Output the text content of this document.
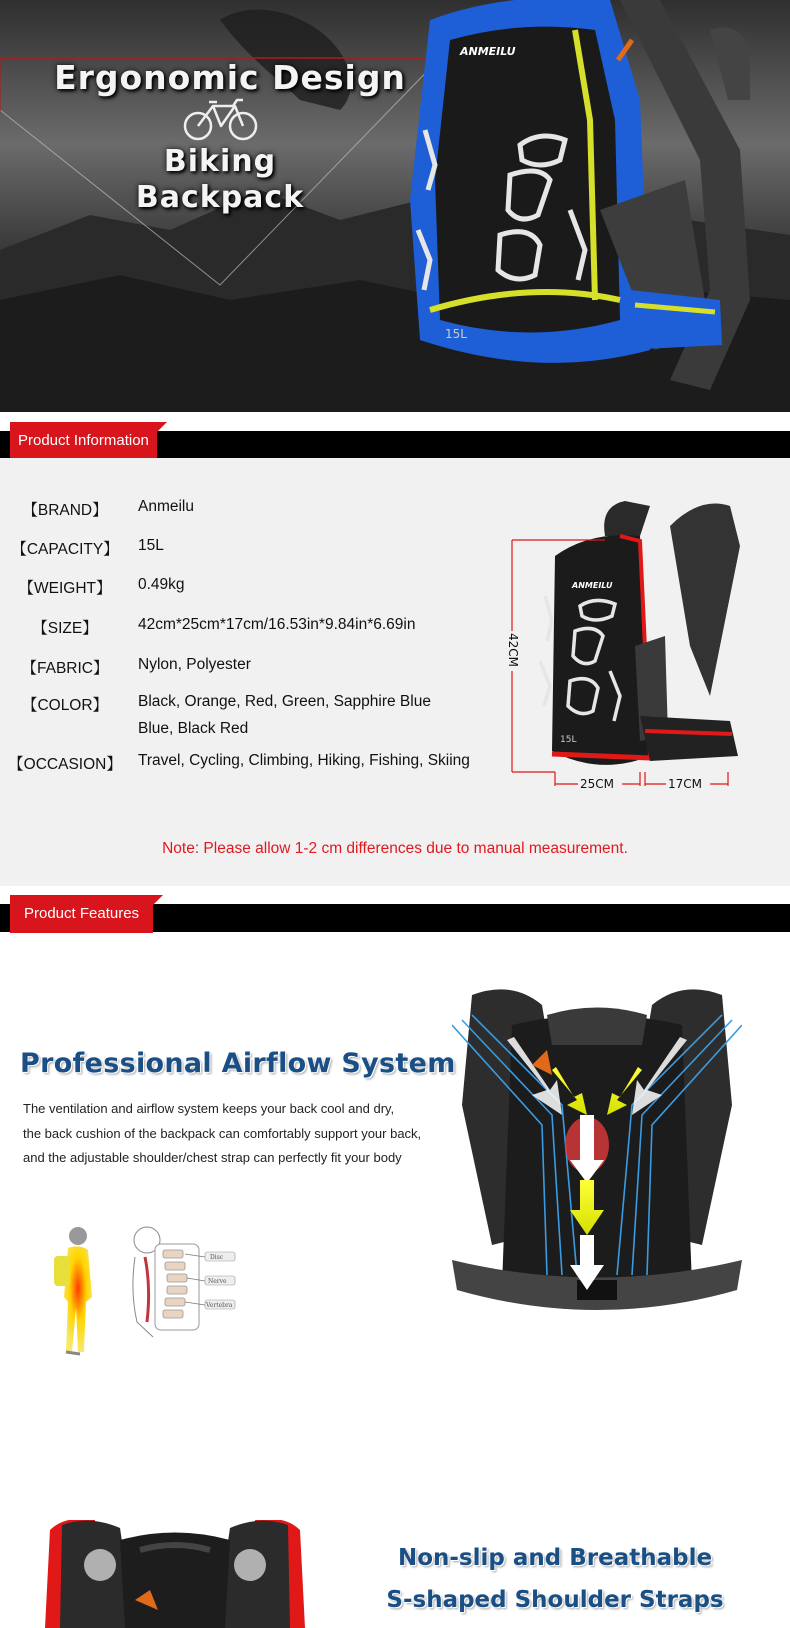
Ergonomic Design
Biking
Backpack
ANMEILU
15L
Product Information
【BRAND】	Anmeilu
【CAPACITY】	15L
【WEIGHT】	0.49kg
【SIZE】	42cm*25cm*17cm/16.53in*9.84in*6.69in
【FABRIC】	Nylon, Polyester
【COLOR】	Black, Orange, Red, Green, Sapphire Blue
Blue, Black Red
【OCCASION】	Travel, Cycling, Climbing, Hiking, Fishing, Skiing
ANMEILU
15L
42CM
25CM	17CM
Note: Please allow 1-2 cm differences due to manual measurement.
Product Features
Professional Airflow System
The ventilation and airflow system keeps your back cool and dry,
the back cushion of the backpack can comfortably support your back,
and the adjustable shoulder/chest strap can perfectly fit your body
Disc
Nerve
Vertebra
Non-slip and Breathable
S-shaped Shoulder Straps
